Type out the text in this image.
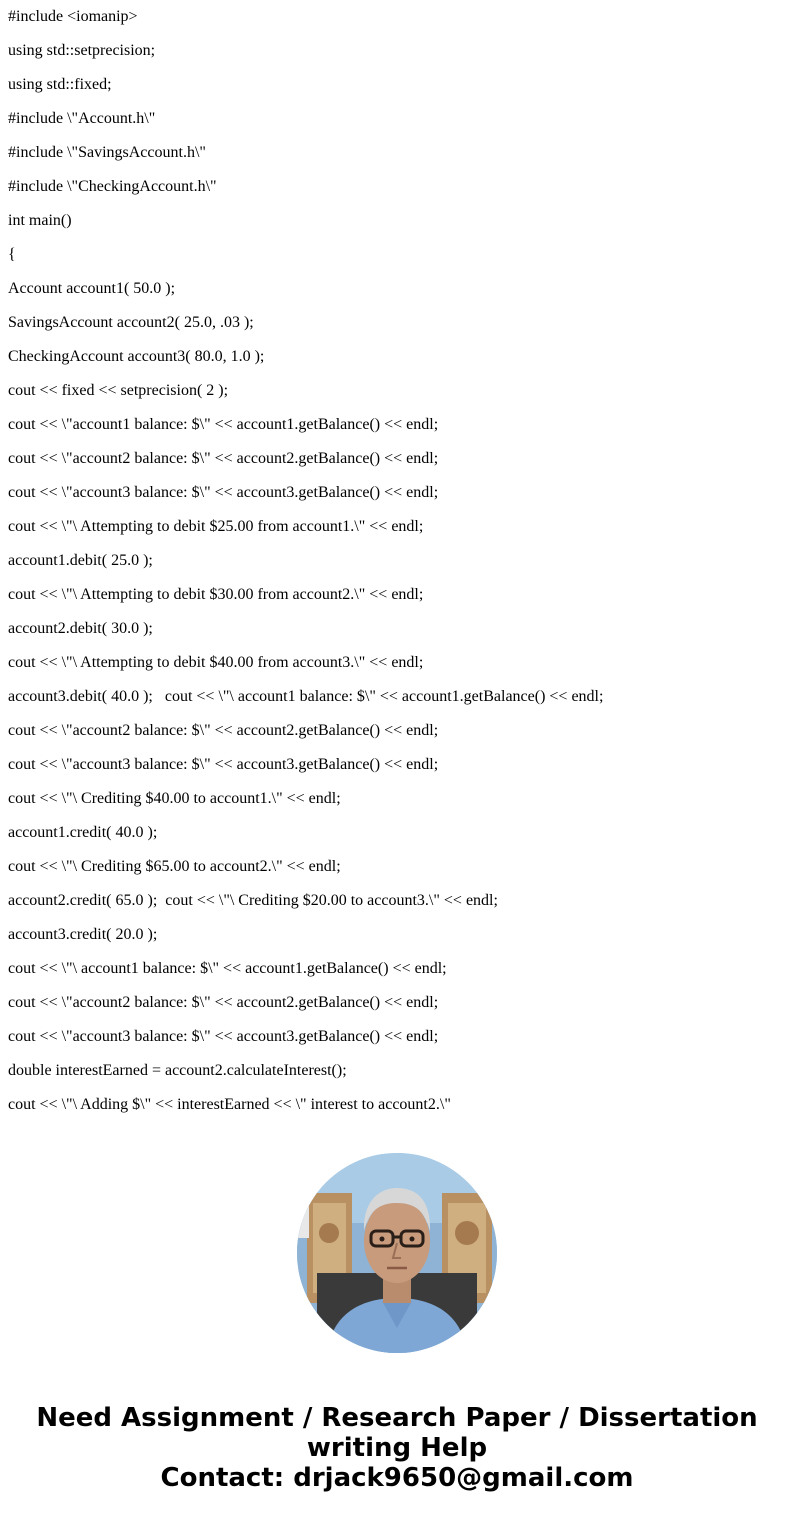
#include <iomanip>
using std::setprecision;
using std::fixed;
#include \"Account.h\"
#include \"SavingsAccount.h\"
#include \"CheckingAccount.h\"
int main()
{
Account account1( 50.0 );
SavingsAccount account2( 25.0, .03 );
CheckingAccount account3( 80.0, 1.0 );
cout << fixed << setprecision( 2 );
cout << \"account1 balance: $\" << account1.getBalance() << endl;
cout << \"account2 balance: $\" << account2.getBalance() << endl;
cout << \"account3 balance: $\" << account3.getBalance() << endl;
cout << \"\ Attempting to debit $25.00 from account1.\" << endl;
account1.debit( 25.0 );
cout << \"\ Attempting to debit $30.00 from account2.\" << endl;
account2.debit( 30.0 );
cout << \"\ Attempting to debit $40.00 from account3.\" << endl;
account3.debit( 40.0 );   cout << \"\ account1 balance: $\" << account1.getBalance() << endl;
cout << \"account2 balance: $\" << account2.getBalance() << endl;
cout << \"account3 balance: $\" << account3.getBalance() << endl;
cout << \"\ Crediting $40.00 to account1.\" << endl;
account1.credit( 40.0 );
cout << \"\ Crediting $65.00 to account2.\" << endl;
account2.credit( 65.0 );  cout << \"\ Crediting $20.00 to account3.\" << endl;
account3.credit( 20.0 );
cout << \"\ account1 balance: $\" << account1.getBalance() << endl;
cout << \"account2 balance: $\" << account2.getBalance() << endl;
cout << \"account3 balance: $\" << account3.getBalance() << endl;
double interestEarned = account2.calculateInterest();
cout << \"\ Adding $\" << interestEarned << \" interest to account2.\"
Need Assignment / Research Paper / Dissertation
writing Help
Contact: drjack9650@gmail.com
